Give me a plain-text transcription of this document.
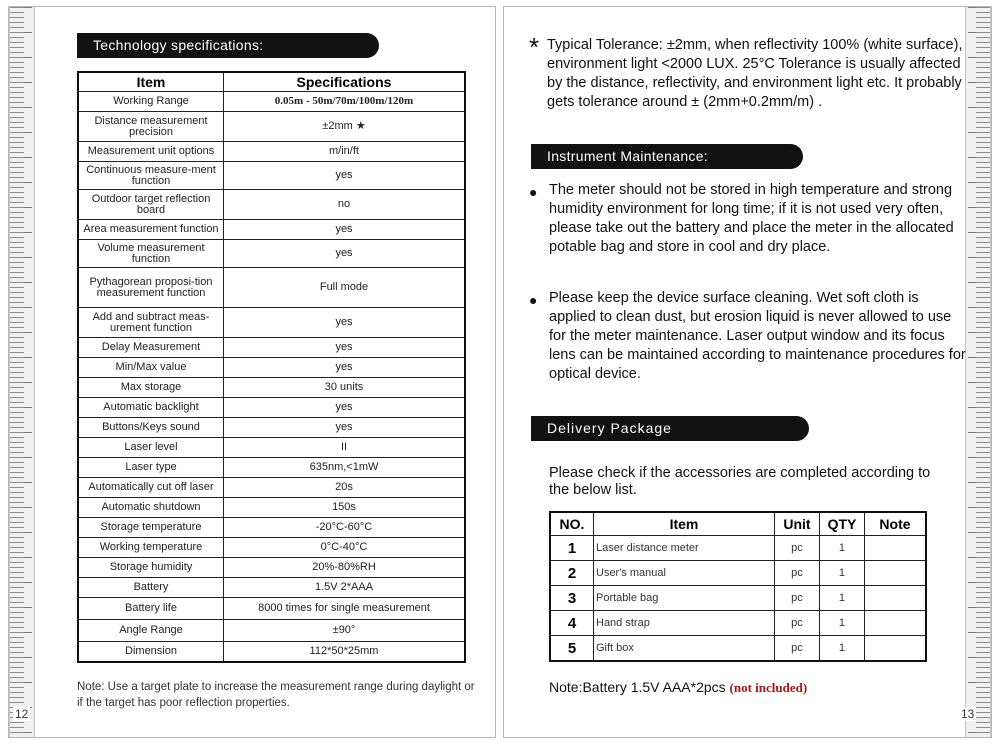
12
Technology specifications:
Item	Specifications
Working Range	0.05m - 50m/70m/100m/120m
Distance measurement precision	±2mm ★
Measurement unit options	m/in/ft
Continuous measure-ment function	yes
Outdoor target reflection board	no
Area measurement function	yes
Volume measurement function	yes
Pythagorean proposi-tion measurement function	Full mode
Add and subtract meas-urement function	yes
Delay Measurement	yes
Min/Max value	yes
Max storage	30 units
Automatic backlight	yes
Buttons/Keys sound	yes
Laser level	II
Laser type	635nm,<1mW
Automatically cut off laser	20s
Automatic shutdown	150s
Storage temperature	-20°C-60°C
Working temperature	0°C-40°C
Storage humidity	20%-80%RH
Battery	1.5V 2*AAA
Battery life	8000 times for single measurement
Angle Range	±90°
Dimension	112*50*25mm
Note: Use a target plate to increase the measurement range during daylight or if the target has poor reflection properties.
13
* Typical Tolerance: ±2mm, when reflectivity 100% (white surface), environment light <2000 LUX. 25°C Tolerance is usually affected by the distance, reflectivity, and environment light etc. It probably gets tolerance around ± (2mm+0.2mm/m) .
Instrument Maintenance:
● The meter should not be stored in high temperature and strong humidity environment for long time; if it is not used very often, please take out the battery and place the meter in the allocated potable bag and store in cool and dry place.
● Please keep the device surface cleaning. Wet soft cloth is applied to clean dust, but erosion liquid is never allowed to use for the meter maintenance. Laser output window and its focus lens can be maintained according to maintenance procedures for optical device.
Delivery Package
Please check if the accessories are completed according to the below list.
NO.	Item	Unit	QTY	Note
1	Laser distance meter	pc	1	
2	User's manual	pc	1	
3	Portable bag	pc	1	
4	Hand strap	pc	1	
5	Gift box	pc	1	
Note:Battery 1.5V AAA*2pcs (not included)
